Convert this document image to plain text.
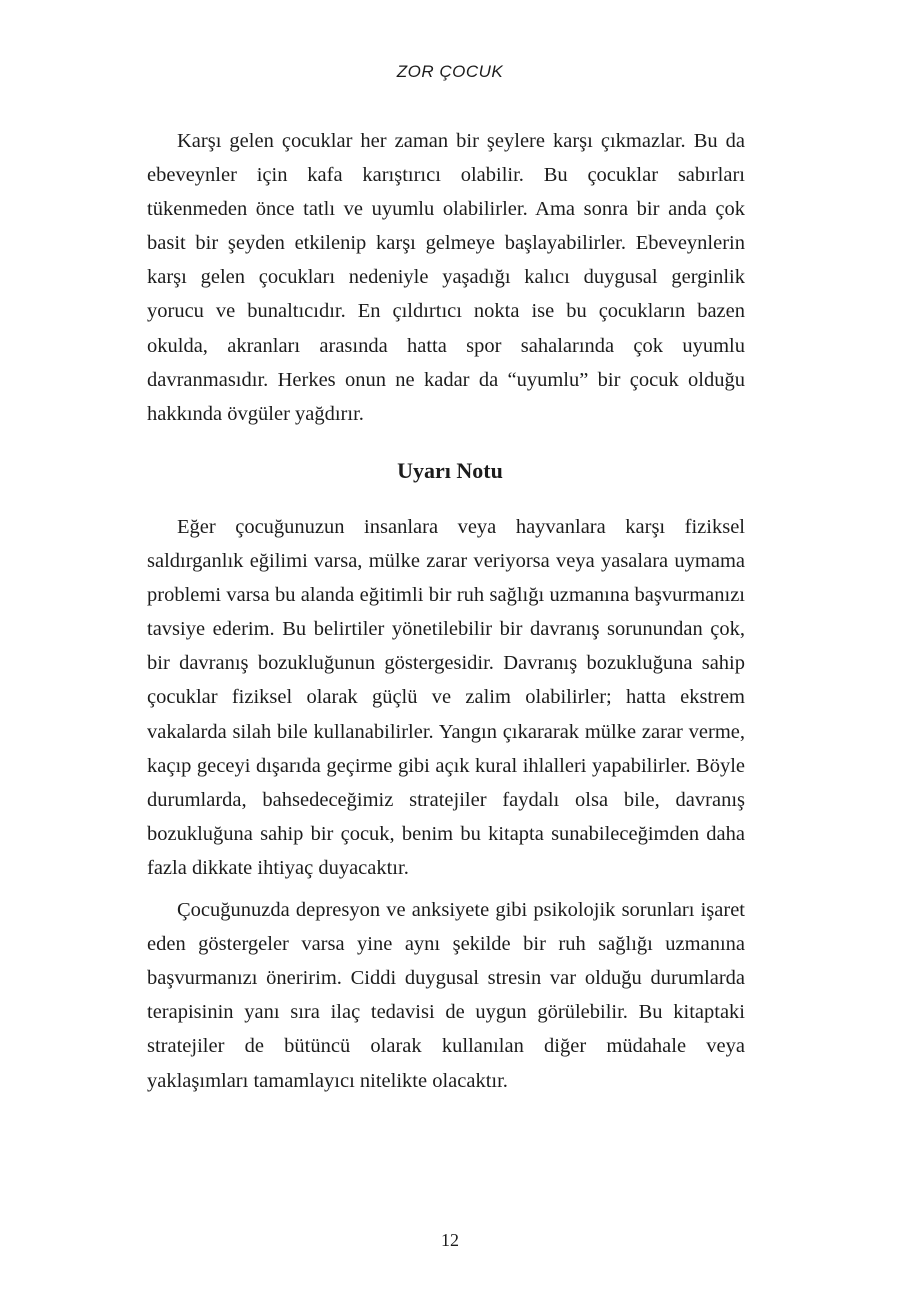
ZOR ÇOCUK

Karşı gelen çocuklar her zaman bir şeylere karşı çıkmazlar. Bu da ebeveynler için kafa karıştırıcı olabilir. Bu çocuklar sabırları tükenmeden önce tatlı ve uyumlu olabilirler. Ama sonra bir anda çok basit bir şeyden etkilenip karşı gelmeye başlayabilirler. Ebeveynlerin karşı gelen çocukları nedeniyle yaşadığı kalıcı duygusal gerginlik yorucu ve bunaltıcıdır. En çıldırtıcı nokta ise bu çocukların bazen okulda, akranları arasında hatta spor sahalarında çok uyumlu davranmasıdır. Herkes onun ne kadar da “uyumlu” bir çocuk olduğu hakkında övgüler yağdırır.

Uyarı Notu

Eğer çocuğunuzun insanlara veya hayvanlara karşı fiziksel saldırganlık eğilimi varsa, mülke zarar veriyorsa veya yasalara uymama problemi varsa bu alanda eğitimli bir ruh sağlığı uzmanına başvurmanızı tavsiye ederim. Bu belirtiler yönetilebilir bir davranış sorunundan çok, bir davranış bozukluğunun göstergesidir. Davranış bozukluğuna sahip çocuklar fiziksel olarak güçlü ve zalim olabilirler; hatta ekstrem vakalarda silah bile kullanabilirler. Yangın çıkararak mülke zarar verme, kaçıp geceyi dışarıda geçirme gibi açık kural ihlalleri yapabilirler. Böyle durumlarda, bahsedeceğimiz stratejiler faydalı olsa bile, davranış bozukluğuna sahip bir çocuk, benim bu kitapta sunabileceğimden daha fazla dikkate ihtiyaç duyacaktır.

Çocuğunuzda depresyon ve anksiyete gibi psikolojik sorunları işaret eden göstergeler varsa yine aynı şekilde bir ruh sağlığı uzmanına başvurmanızı öneririm. Ciddi duygusal stresin var olduğu durumlarda terapisinin yanı sıra ilaç tedavisi de uygun görülebilir. Bu kitaptaki stratejiler de bütüncü olarak kullanılan diğer müdahale veya yaklaşımları tamamlayıcı nitelikte olacaktır.

12
